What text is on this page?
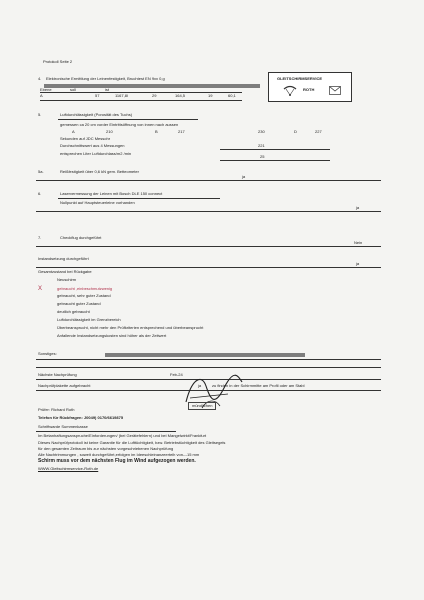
Protokoll Seite 2
4. Elektronische Ermittlung der Leinenfestigkeit, Bruchtest EN 9xx 0,g
Ebene	soll	ist
A	57	1167,8l	29	164,5	19	60,1
GLEITSCHIRMSERVICE
ROTH
5.	Luftdurchlässigkeit (Porosität des Tuchs)
gemessen ca 20 cm vorder Eintrittsöffnung von innen nach aussen
A	210	B	217	230	D	227
Sekunden auf JDC Messohr
Durchschnittswert aus 4 Messungen	221
entsprechen Liter Luftdurchlass/m2 /min
25
5a.	Reißfestigkeit über 0,6 kN gem. Betteometer
ja
6.	Laservermessung der Leinen mit Bosch DLE 150 connect
Nullpunkt auf Hauptsteuerleine vorhanden
ja
7.	Checkflug durchgeführt
Nein
Instandsetzung durchgeführt
ja
Gesamtzustand bei Rückgabe
Neuschirm
X	gebraucht ,einbeschmutzwenig
gebraucht, sehr guter Zustand
gebraucht guter Zustand
deutlich gebraucht
Luftdurchlässigkeit im Grenzbereich
Überbeansprucht, nicht mehr den Prüfkriterien entsprechend und überbeansprucht
Anfallende Instandsetzungskosten sind höher als der Zeitwert
Sonstiges:
Nächste Nachprüfung	Feb-24
Nachprüfplakette aufgebracht	ja	zu finden in der Schirmmitte am Profil oder am Stabl
Prüfer: Richard Roth
Telefon für Rückfragen: J0049) 0170/6619875
mündlichen
Schriftwarde Summenkasse
Im Betanhaftungsanspruche/Einforderungen/ (bei Gerätefehlern) und bei Mangelwirkt/Frankfurt
Dieses Nachprüfprotokoll ist keine Garantie für die Lufttüchtigkeit, bzw. Betriebstüchtigkeit des Gleitsegels
für den gesamten Zeitraum bis zur nächsten vorgeschriebenen Nachprüfung
Alle Nachtrimmungen , soweit durchgeführt,erfolgen im Ideeschleinanzeerteih von---15 mm
Schirm muss vor dem nächsten Flug im Wind aufgezogen werden.
WWW.Gleitschirmservice-Roth.de
